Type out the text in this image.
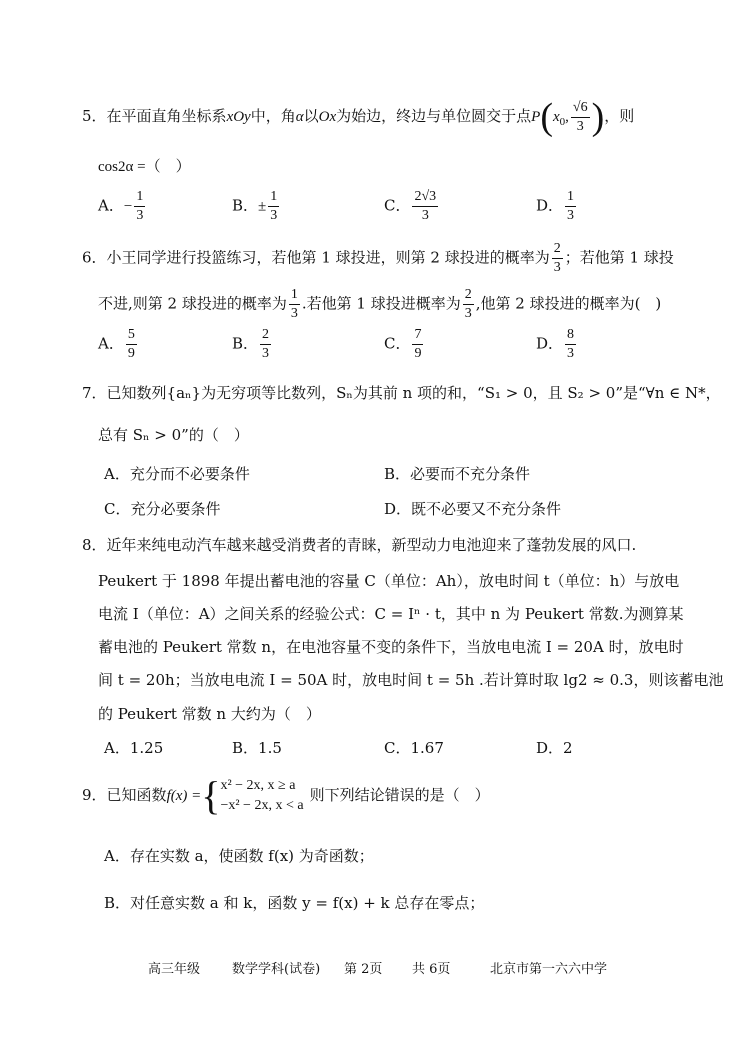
5．在平面直角坐标系xOy中，角α以Ox为始边，终边与单位圆交于点$P(x_0$, $\frac{√6}{3}$ )，则
cos2α =（　）
A．− $\frac{1}{3}$	B．± $\frac{1}{3}$	C． $\frac{2√3}{3}$	D． $\frac{1}{3}$
6．小王同学进行投篮练习，若他第 1 球投进，则第 2 球投进的概率为 $\frac{2}{3}$ ；若他第 1 球投
不进,则第 2 球投进的概率为 $\frac{1}{3}$ .若他第 1 球投进概率为 $\frac{2}{3}$ ,他第 2 球投进的概率为(　)
A． $\frac{5}{9}$	B． $\frac{2}{3}$	C． $\frac{7}{9}$	D． $\frac{8}{3}$
7．已知数列{aₙ}为无穷项等比数列，Sₙ为其前 n 项的和，“S₁ > 0，且 S₂ > 0”是“∀n ∈ N*，
总有 Sₙ > 0”的（　）
A．充分而不必要条件	B．必要而不充分条件
C．充分必要条件	D．既不必要又不充分条件
8．近年来纯电动汽车越来越受消费者的青睐，新型动力电池迎来了蓬勃发展的风口.
Peukert 于 1898 年提出蓄电池的容量 C（单位：Ah），放电时间 t（单位：h）与放电
电流 I（单位：A）之间关系的经验公式：C = Iⁿ · t，其中 n 为 Peukert 常数.为测算某
蓄电池的 Peukert 常数 n，在电池容量不变的条件下，当放电电流 I = 20A 时，放电时
间 t = 20h；当放电电流 I = 50A 时，放电时间 t = 5h .若计算时取 lg2 ≈ 0.3，则该蓄电池
的 Peukert 常数 n 大约为（　）
A．1.25	B．1.5	C．1.67	D．2
9．已知函数f(x) ={ x² − 2x, x ≥ a
−x² − 2x, x < a
则下列结论错误的是（　）
A．存在实数 a，使函数 f(x) 为奇函数；
B．对任意实数 a 和 k，函数 y = f(x) + k 总存在零点；
高三年级 数学学科(试卷) 第 2页 共 6页	北京市第一六六中学
